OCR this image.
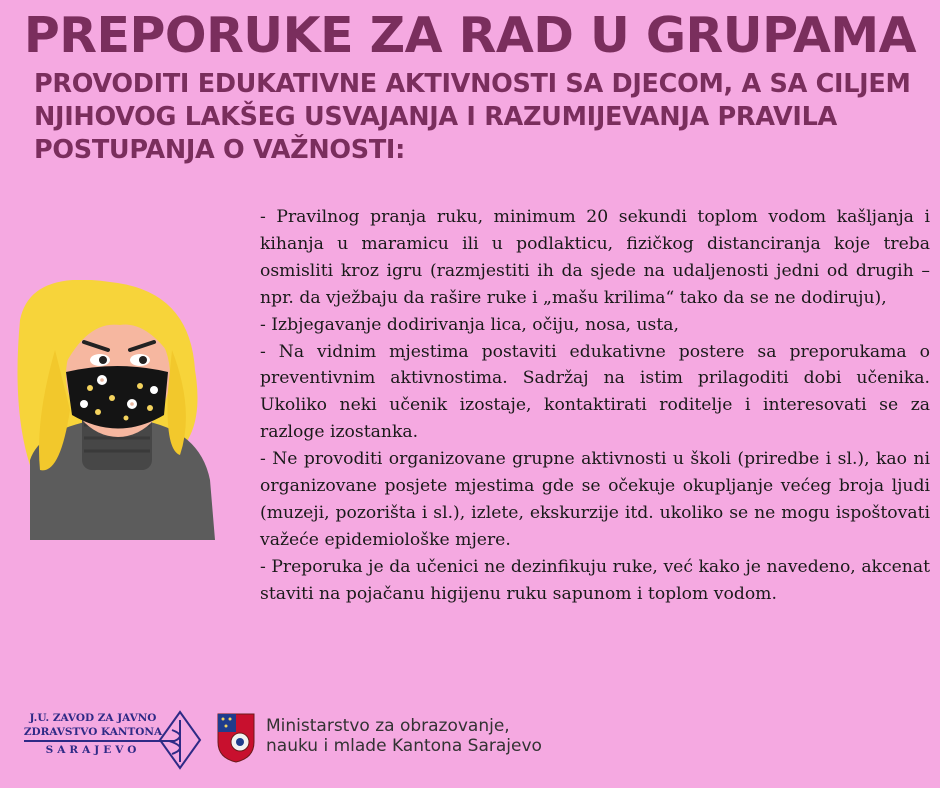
PREPORUKE ZA RAD U GRUPAMA
PROVODITI EDUKATIVNE AKTIVNOSTI SA DJECOM, A SA CILJEM
NJIHOVOG LAKŠEG USVAJANJA I RAZUMIJEVANJA PRAVILA
POSTUPANJA O VAŽNOSTI:

- Pravilnog pranja ruku, minimum 20 sekundi toplom vodom kašljanja i kihanja u maramicu ili u podlakticu, fizičkog distanciranja koje treba osmisliti kroz igru (razmjestiti ih da sjede na udaljenosti jedni od drugih – npr. da vježbaju da raširе ruke i „mašu krilima“ tako da se ne dodiruju),

- Izbjegavanje dodirivanja lica, očiju, nosa, usta,

- Na vidnim mjestima postaviti edukativne postere sa preporukama o preventivnim aktivnostima. Sadržaj na istim prilagoditi dobi učenika. Ukoliko neki učenik izostaje, kontaktirati roditelje i interesovati se za razloge izostanka.

- Ne provoditi organizovane grupne aktivnosti u školi (priredbe i sl.), kao ni organizovane posjete mjestima gde se očekuje okupljanje većeg broja ljudi (muzeji, pozorišta i sl.), izlete, ekskurzije itd. ukoliko se ne mogu ispoštovati važeće epidemiološke mjere.

- Preporuka je da učenici ne dezinfikuju ruke, već kako je navedeno, akcenat staviti na pojačanu higijenu ruku sapunom i toplom vodom.

J.U. ZAVOD ZA JAVNO
ZDRAVSTVO KANTONA
SARAJEVO
Ministarstvo za obrazovanje,
nauku i mlade Kantona Sarajevo
